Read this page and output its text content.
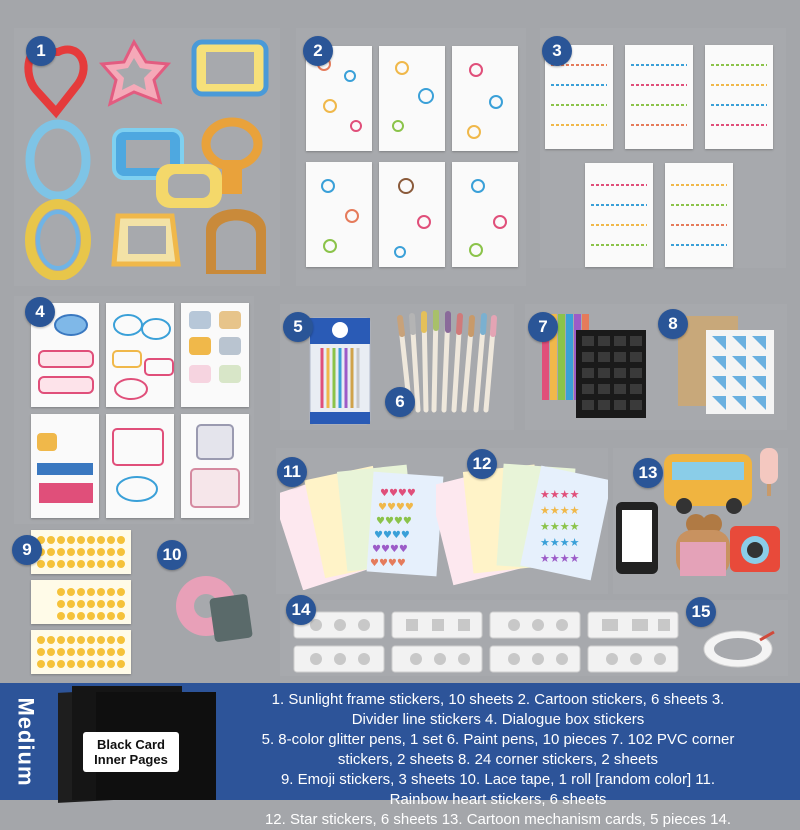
1	2	3
4
5
6
7	8
9	10
11	12	13
14	15
♥♥♥♥
♥♥♥♥
♥♥♥♥
♥♥♥♥
♥♥♥♥
♥♥♥♥
★★★★
★★★★
★★★★
★★★★
★★★★
Medium	Black Card
Inner Pages

1. Sunlight frame stickers, 10 sheets 2. Cartoon stickers, 6 sheets 3.

Divider line stickers 4. Dialogue box stickers

5. 8-color glitter pens, 1 set 6. Paint pens, 10 pieces 7. 102 PVC corner

stickers, 2 sheets 8. 24 corner stickers, 2 sheets

9. Emoji stickers, 3 sheets 10. Lace tape, 1 roll [random color] 11.

Rainbow heart stickers, 6 sheets

12. Star stickers, 6 sheets 13. Cartoon mechanism cards, 5 pieces 14.
